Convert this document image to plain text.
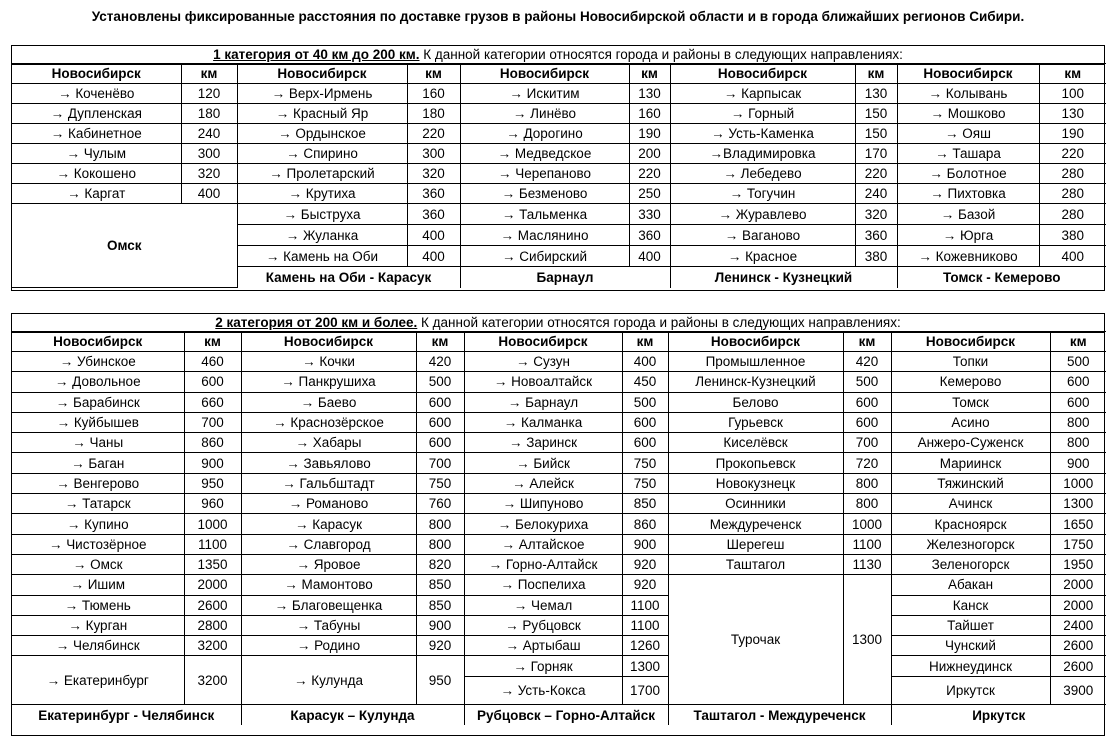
Установлены фиксированные расстояния по доставке грузов в районы Новосибирской области и в города ближайших регионов Сибири.
1 категория от 40 км до 200 км. К данной категории относятся города и районы в следующих направлениях:
Новосибирск	км	Новосибирск	км	Новосибирск	км	Новосибирск	км	Новосибирск	км
→ Коченёво	120	→ Верх-Ирмень	160	→ Искитим	130	→ Карпысак	130	→ Колывань	100
→ Дупленская	180	→ Красный Яр	180	→ Линёво	160	→ Горный	150	→ Мошково	130
→ Кабинетное	240	→ Ордынское	220	→ Дорогино	190	→ Усть-Каменка	150	→ Ояш	190
→ Чулым	300	→ Спирино	300	→ Медведское	200	→Владимировка	170	→ Ташара	220
→ Кокошено	320	→ Пролетарский	320	→ Черепаново	220	→ Лебедево	220	→ Болотное	280
→ Каргат	400	→ Крутиха	360	→ Безменово	250	→ Тогучин	240	→ Пихтовка	280
Омск		→ Быструха	360	→ Тальменка	330	→ Журавлево	320	→ Базой	280
		→ Жуланка	400	→ Маслянино	360	→ Ваганово	360	→ Юрга	380
		→ Камень на Оби	400	→ Сибирский	400	→ Красное	380	→ Кожевниково	400
		Камень на Оби - Карасук		Барнаул		Ленинск - Кузнецкий		Томск - Кемерово	
2 категория от 200 км и более. К данной категории относятся города и районы в следующих направлениях:
Новосибирск	км	Новосибирск	км	Новосибирск	км	Новосибирск	км	Новосибирск	км
→ Убинское	460	→ Кочки	420	→ Сузун	400	Промышленное	420	Топки	500
→ Довольное	600	→ Панкрушиха	500	→ Новоалтайск	450	Ленинск-Кузнецкий	500	Кемерово	600
→ Барабинск	660	→ Баево	600	→ Барнаул	500	Белово	600	Томск	600
→ Куйбышев	700	→ Краснозёрское	600	→ Калманка	600	Гурьевск	600	Асино	800
→ Чаны	860	→ Хабары	600	→ Заринск	600	Киселёвск	700	Анжеро-Суженск	800
→ Баган	900	→ Завьялово	700	→ Бийск	750	Прокопьевск	720	Мариинск	900
→ Венгерово	950	→ Гальбштадт	750	→ Алейск	750	Новокузнецк	800	Тяжинский	1000
→ Татарск	960	→ Романово	760	→ Шипуново	850	Осинники	800	Ачинск	1300
→ Купино	1000	→ Карасук	800	→ Белокуриха	860	Междуреченск	1000	Красноярск	1650
→ Чистозёрное	1100	→ Славгород	800	→ Алтайское	900	Шерегеш	1100	Железногорск	1750
→ Омск	1350	→ Яровое	820	→ Горно-Алтайск	920	Таштагол	1130	Зеленогорск	1950
→ Ишим	2000	→ Мамонтово	850	→ Поспелиха	920	Турочак	1300	Абакан	2000
→ Тюмень	2600	→ Благовещенка	850	→ Чемал	1100			Канск	2000
→ Курган	2800	→ Табуны	900	→ Рубцовск	1100			Тайшет	2400
→ Челябинск	3200	→ Родино	920	→ Артыбаш	1260			Чунский	2600
→ Екатеринбург	3200	→ Кулунда	950	→ Горняк	1300			Нижнеудинск	2600
				→ Усть-Кокса	1700			Иркутск	3900
Екатеринбург - Челябинск		Карасук – Кулунда		Рубцовск – Горно-Алтайск		Таштагол - Междуреченск		Иркутск	
